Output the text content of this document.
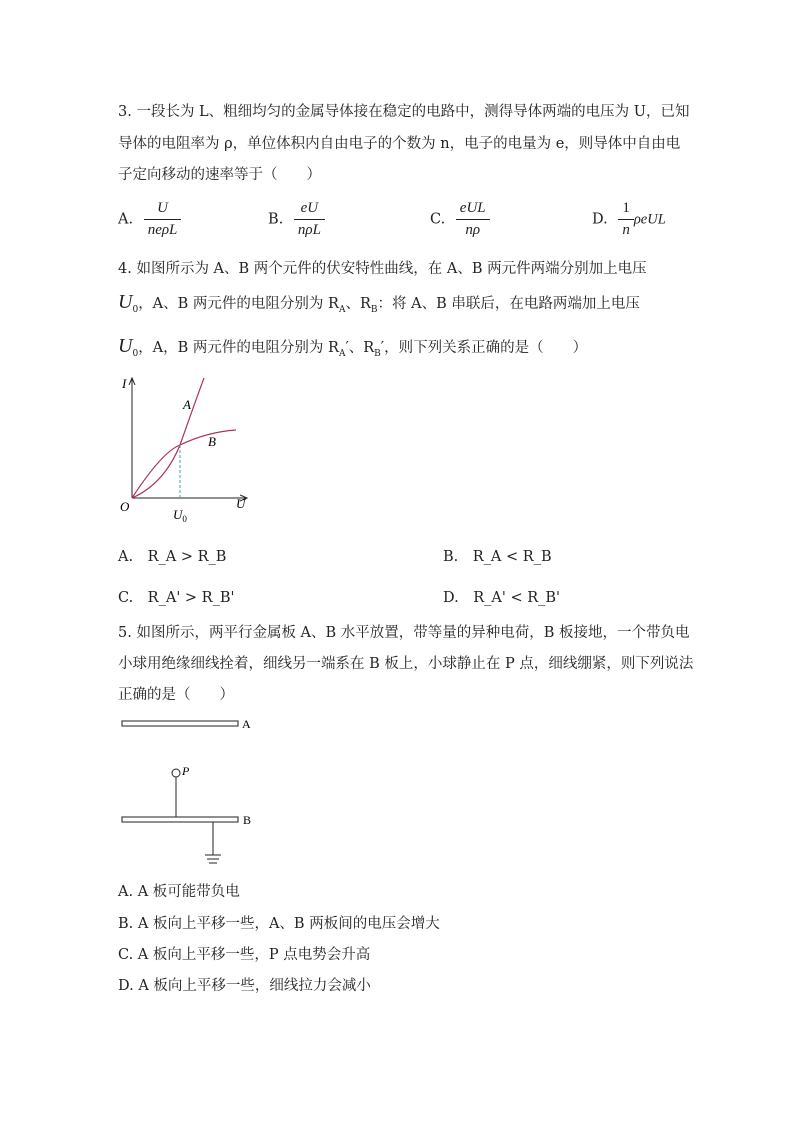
3. 一段长为 L、粗细均匀的金属导体接在稳定的电路中，测得导体两端的电压为 U，已知
导体的电阻率为 ρ，单位体积内自由电子的个数为 n，电子的电量为 e，则导体中自由电
子定向移动的速率等于（　　）
A. $\frac{U}{\text{neρL}}$	B. $\frac{eU}{\text{nρL}}$	C. $\frac{\text{eUL}}{n\rho}$	D. $\frac{1}{n}$ ρeUL
4. 如图所示为 A、B 两个元件的伏安特性曲线，在 A、B 两元件两端分别加上电压
$U_0$，A、B 两元件的电阻分别为 $R_A$、$R_B$：将 A、B 串联后，在电路两端加上电压
$U_0$，A，B 两元件的电阻分别为 $R_A'$、$R_B'$，则下列关系正确的是（　　）
I
U
O
A
B
$U_0$
A.　R_A > R_B	B.　R_A < R_B
C.　R_A' > R_B'	D.　R_A' < R_B'
5. 如图所示，两平行金属板 A、B 水平放置，带等量的异种电荷，B 板接地，一个带负电
小球用绝缘细线拴着，细线另一端系在 B 板上，小球静止在 P 点，细线绷紧，则下列说法
正确的是（　　）
A
B
P
A. A 板可能带负电
B. A 板向上平移一些，A、B 两板间的电压会增大
C. A 板向上平移一些，P 点电势会升高
D. A 板向上平移一些，细线拉力会减小
